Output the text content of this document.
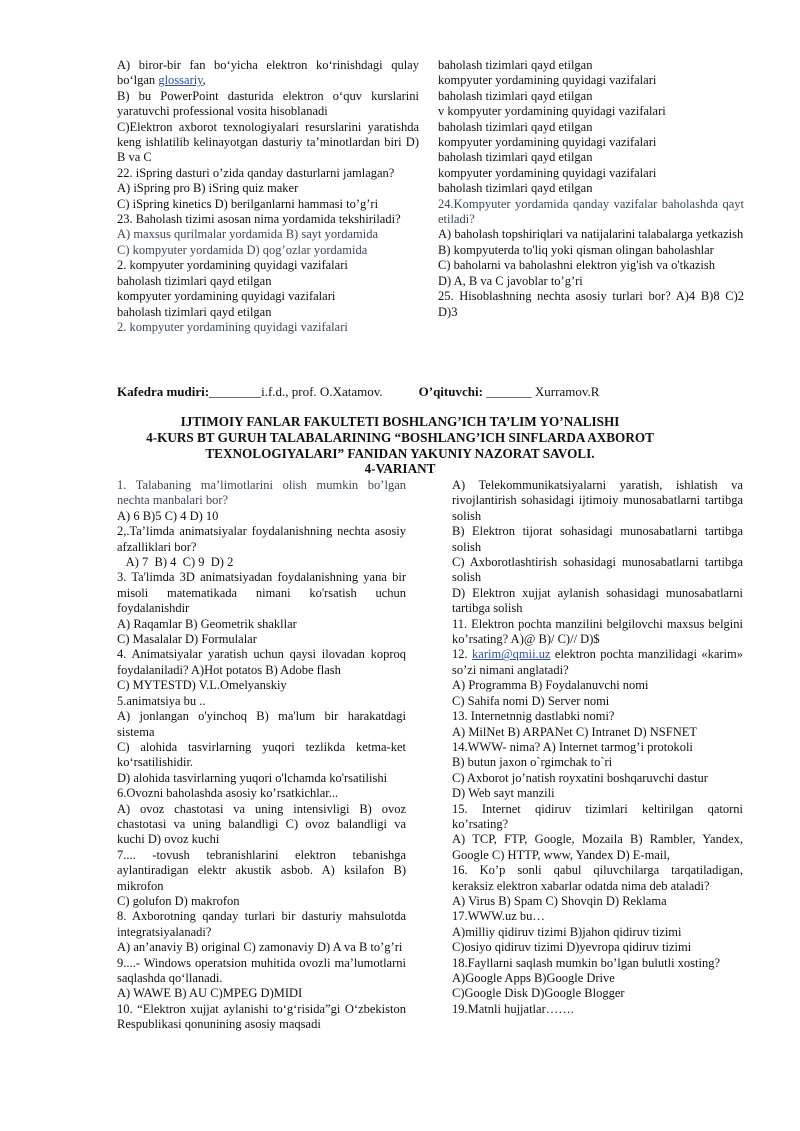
A) biror-bir fan bo‘yicha elektron ko‘rinishdagi qulay bo‘lgan glossariy,

B) bu PowerPoint dasturida elektron o‘quv kurslarini yaratuvchi professional vosita hisoblanadi

C)Elektron axborot texnologiyalari resurslarini yaratishda keng ishlatilib kelinayotgan dasturiy ta’minotlardan biri D) B va C

22. iSpring dasturi o’zida qanday dasturlarni jamlagan?

A) iSpring pro B) iSring quiz maker

C) iSpring kinetics D) berilganlarni hammasi to’g’ri

23. Baholash tizimi asosan nima yordamida tekshiriladi?

A) maxsus qurilmalar yordamida B) sayt yordamida

C) kompyuter yordamida D) qog’ozlar yordamida

2. kompyuter yordamining quyidagi vazifalari

baholash tizimlari qayd etilgan

kompyuter yordamining quyidagi vazifalari

baholash tizimlari qayd etilgan

2. kompyuter yordamining quyidagi vazifalari

baholash tizimlari qayd etilgan

kompyuter yordamining quyidagi vazifalari

baholash tizimlari qayd etilgan

v kompyuter yordamining quyidagi vazifalari

baholash tizimlari qayd etilgan

kompyuter yordamining quyidagi vazifalari

baholash tizimlari qayd etilgan

kompyuter yordamining quyidagi vazifalari

baholash tizimlari qayd etilgan

24.Kompyuter yordamida qanday vazifalar baholashda qayt etiladi?

A) baholash topshiriqlari va natijalarini talabalarga yetkazish

B) kompyuterda to'liq yoki qisman olingan baholashlar

C) baholarni va baholashni elektron yig'ish va o'tkazish

D) A, B va C javoblar to’g’ri

25. Hisoblashning nechta asosiy turlari bor? A)4 B)8 C)2 D)3

Kafedra mudiri:________i.f.d., prof. O.Xatamov.	O’qituvchi: _______ Xurramov.R
IJTIMOIY FANLAR FAKULTETI BOSHLANG’ICH TA’LIM YO’NALISHI
4-KURS BT GURUH TALABALARINING “BOSHLANG’ICH SINFLARDA AXBOROT
TEXNOLOGIYALARI” FANIDAN YAKUNIY NAZORAT SAVOLI.
4-VARIANT

1. Talabaning ma’limotlarini olish mumkin bo’lgan nechta manbalari bor?

A) 6 B)5 C) 4 D) 10

2,.Ta’limda animatsiyalar foydalanishning nechta asosiy afzalliklari bor?

A) 7  B) 4  C) 9  D) 2

3. Ta'limda 3D animatsiyadan foydalanishning yana bir misoli matematikada nimani ko'rsatish uchun foydalanishdir

A) Raqamlar B) Geometrik shakllar

C) Masalalar D) Formulalar

4. Animatsiyalar yaratish uchun qaysi ilovadan koproq foydalaniladi? A)Hot potatos B) Adobe flash

C) MYTESTD) V.L.Omelyanskiy

5.animatsiya bu ..

A) jonlangan o'yinchoq B) ma'lum bir harakatdagi sistema

C) alohida tasvirlarning yuqori tezlikda ketma-ket ko‘rsatilishidir.

D) alohida tasvirlarning yuqori o'lchamda ko'rsatilishi

6.Ovozni baholashda asosiy ko’rsatkichlar...

A) ovoz chastotasi va uning intensivligi B) ovoz chastotasi va uning balandligi C) ovoz balandligi va kuchi D) ovoz kuchi

7.... -tovush tebranishlarini elektron tebanishga aylantiradigan elektr akustik asbob. A) ksilafon B) mikrofon

C) golufon D) makrofon

8. Axborotning qanday turlari bir dasturiy mahsulotda integratsiyalanadi?

A) an’anaviy B) original C) zamonaviy D) A va B to’g’ri

9....- Windows operatsion muhitida ovozli ma’lumotlarni saqlashda qo‘llanadi.

A) WAWE B) AU C)MPEG D)MIDI

10. “Elektron xujjat aylanishi to‘g‘risida”gi O‘zbekiston Respublikasi qonunining asosiy maqsadi

A) Telekommunikatsiyalarni yaratish, ishlatish va rivojlantirish sohasidagi ijtimoiy munosabatlarni tartibga solish

B) Elektron tijorat sohasidagi munosabatlarni tartibga solish

C) Axborotlashtirish sohasidagi munosabatlarni tartibga solish

D) Elektron xujjat aylanish sohasidagi munosabatlarni tartibga solish

11. Elektron pochta manzilini belgilovchi maxsus belgini ko’rsating? A)@ B)/ C)// D)$

12. karim@qmii.uz elektron pochta manzilidagi «karim» so’zi nimani anglatadi?

A) Programma B) Foydalanuvchi nomi

C) Sahifa nomi D) Server nomi

13. Internetnnig dastlabki nomi?

A) MilNet B) ARPANet C) Intranet D) NSFNET

14.WWW- nima? A) Internet tarmog’i protokoli

B) butun jaxon o`rgimchak to`ri

C) Axborot jo’natish royxatini boshqaruvchi dastur

D) Web sayt manzili

15. Internet qidiruv tizimlari keltirilgan qatorni ko’rsating?

A) TCP, FTP, Google, Mozaila B) Rambler, Yandex, Google C) HTTP, www, Yandex D) E-mail,

16. Ko’p sonli qabul qiluvchilarga tarqatiladigan, keraksiz elektron xabarlar odatda nima deb ataladi?

A) Virus B) Spam C) Shovqin D) Reklama

17.WWW.uz bu…

A)milliy qidiruv tizimi B)jahon qidiruv tizimi

C)osiyo qidiruv tizimi D)yevropa qidiruv tizimi

18.Fayllarni saqlash mumkin bo’lgan bulutli xosting?

A)Google Apps B)Google Drive

C)Google Disk D)Google Blogger

19.Matnli hujjatlar…….
